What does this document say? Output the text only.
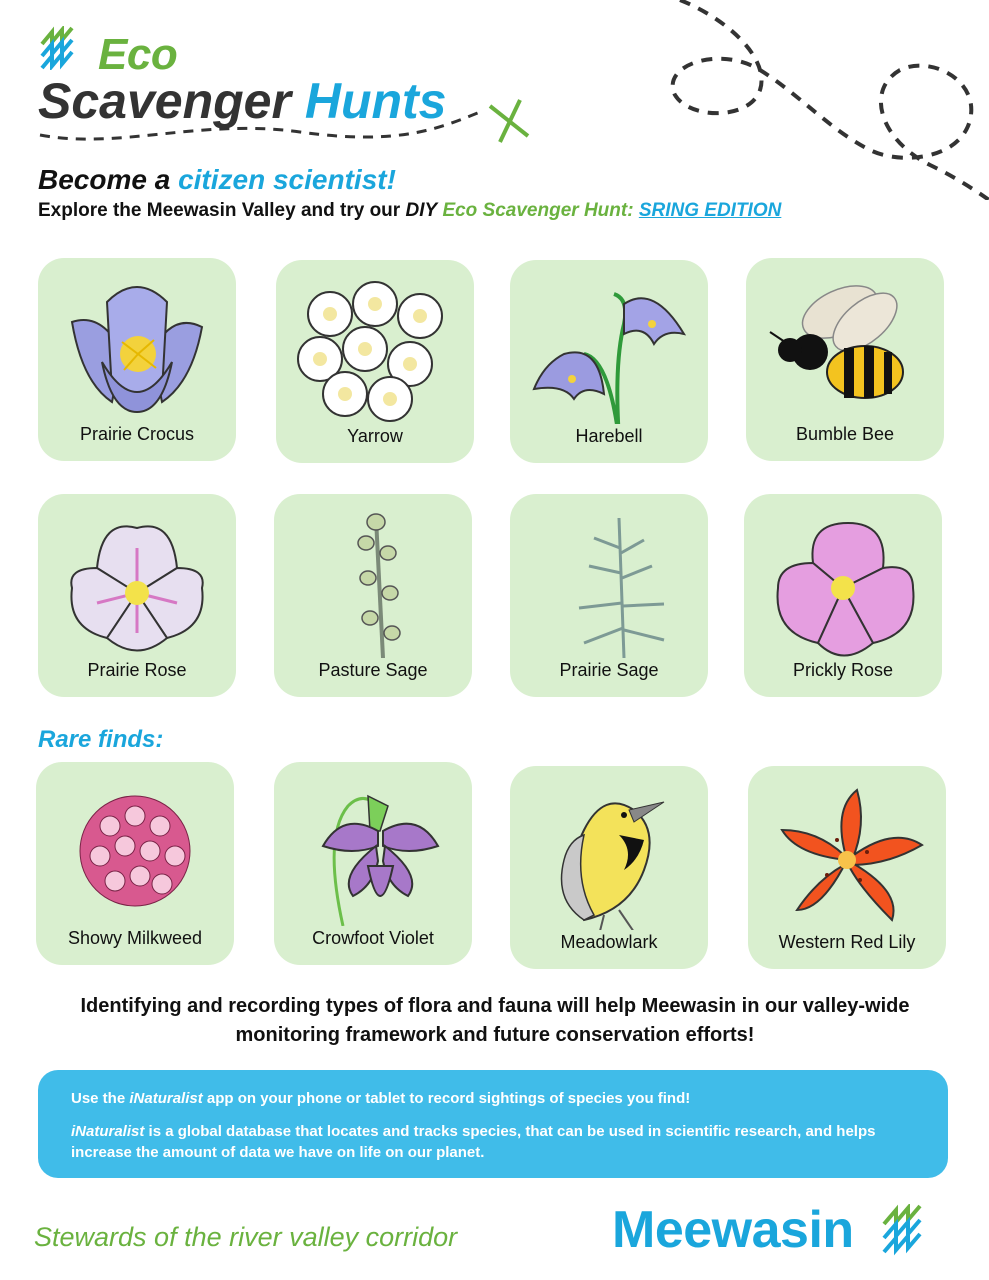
Eco
Scavenger Hunts
Become a citizen scientist!
Explore the Meewasin Valley and try our DIY Eco Scavenger Hunt: SRING EDITION
Prairie Crocus	Yarrow	Harebell	Bumble Bee
Prairie Rose	Pasture Sage	Prairie Sage	Prickly Rose
Rare finds:
Showy Milkweed	Crowfoot Violet	Meadowlark	Western Red Lily
Identifying and recording types of flora and fauna will help Meewasin in our valley-wide monitoring framework and future conservation efforts!
Use the iNaturalist app on your phone or tablet to record sightings of species you find!
iNaturalist is a global database that locates and tracks species, that can be used in scientific research, and helps increase the amount of data we have on life on our planet.
Stewards of the river valley corridor	Meewasin
